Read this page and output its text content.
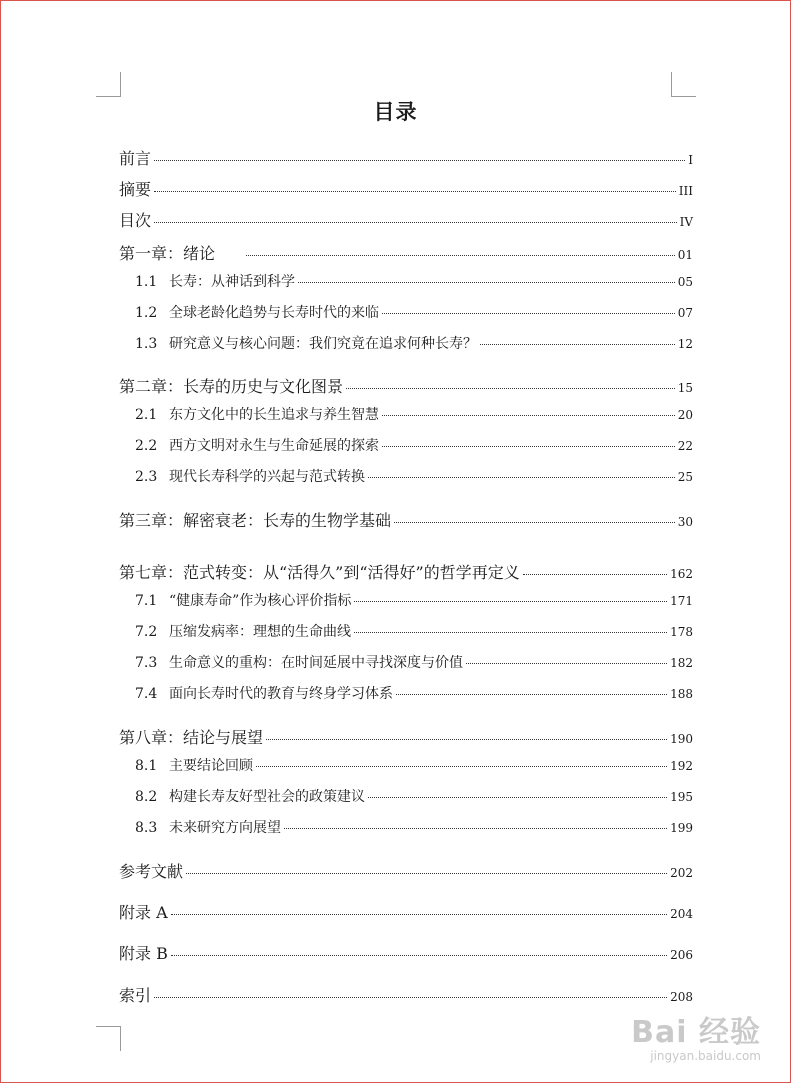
目录
前言	I
摘要	III
目次	IV
第一章：绪论	01
1.1 长寿：从神话到科学	05
1.2 全球老龄化趋势与长寿时代的来临	07
1.3 研究意义与核心问题：我们究竟在追求何种长寿？	12
第二章：长寿的历史与文化图景	15
2.1 东方文化中的长生追求与养生智慧	20
2.2 西方文明对永生与生命延展的探索	22
2.3 现代长寿科学的兴起与范式转换	25
第三章：解密衰老：长寿的生物学基础	30
第七章：范式转变：从“活得久”到“活得好”的哲学再定义	162
7.1 “健康寿命”作为核心评价指标	171
7.2 压缩发病率：理想的生命曲线	178
7.3 生命意义的重构：在时间延展中寻找深度与价值	182
7.4 面向长寿时代的教育与终身学习体系	188
第八章：结论与展望	190
8.1 主要结论回顾	192
8.2 构建长寿友好型社会的政策建议	195
8.3 未来研究方向展望	199
参考文献	202
附录 A	204
附录 B	206
索引	208
Bai 经验
jingyan.baidu.com
